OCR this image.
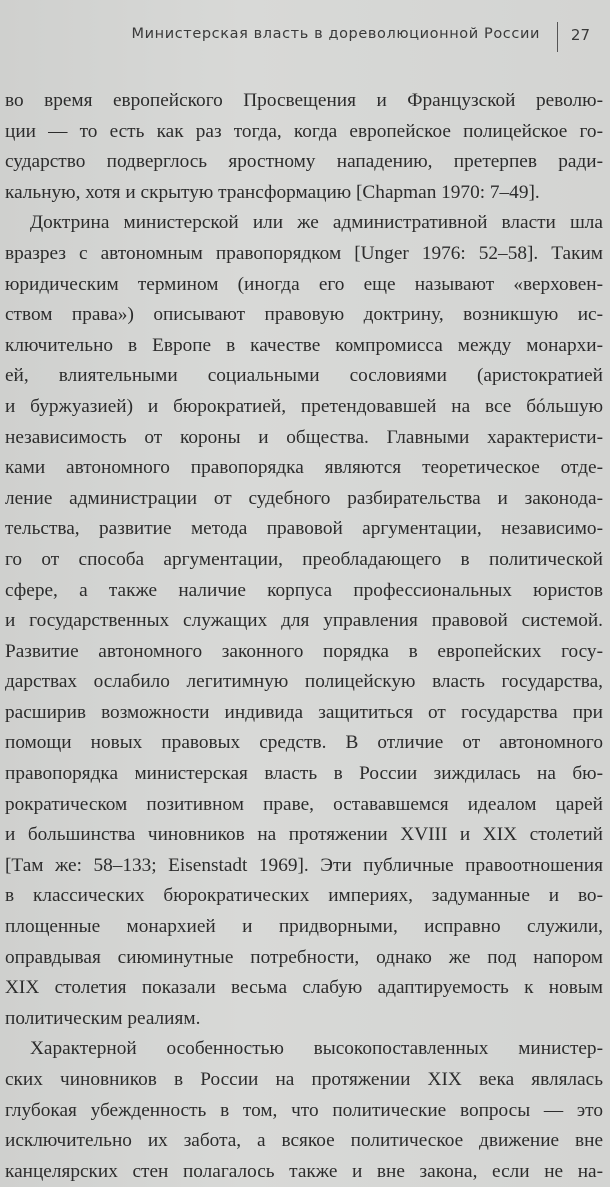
Министерская власть в дореволюционной России 27
во время европейского Просвещения и Французской револю-
ции — то есть как раз тогда, когда европейское полицейское го-
сударство подверглось яростному нападению, претерпев ради-
кальную, хотя и скрытую трансформацию [Chapman 1970: 7–49].
Доктрина министерской или же административной власти шла
вразрез с автономным правопорядком [Unger 1976: 52–58]. Таким
юридическим термином (иногда его еще называют «верховен-
ством права») описывают правовую доктрину, возникшую ис-
ключительно в Европе в качестве компромисса между монархи-
ей, влиятельными социальными сословиями (аристократией
и буржуазией) и бюрократией, претендовавшей на все бóльшую
независимость от короны и общества. Главными характеристи-
ками автономного правопорядка являются теоретическое отде-
ление администрации от судебного разбирательства и законода-
тельства, развитие метода правовой аргументации, независимо-
го от способа аргументации, преобладающего в политической
сфере, а также наличие корпуса профессиональных юристов
и государственных служащих для управления правовой системой.
Развитие автономного законного порядка в европейских госу-
дарствах ослабило легитимную полицейскую власть государства,
расширив возможности индивида защититься от государства при
помощи новых правовых средств. В отличие от автономного
правопорядка министерская власть в России зиждилась на бю-
рократическом позитивном праве, остававшемся идеалом царей
и большинства чиновников на протяжении XVIII и XIX столетий
[Там же: 58–133; Eisenstadt 1969]. Эти публичные правоотношения
в классических бюрократических империях, задуманные и во-
площенные монархией и придворными, исправно служили,
оправдывая сиюминутные потребности, однако же под напором
XIX столетия показали весьма слабую адаптируемость к новым
политическим реалиям.
Характерной особенностью высокопоставленных министер-
ских чиновников в России на протяжении XIX века являлась
глубокая убежденность в том, что политические вопросы — это
исключительно их забота, а всякое политическое движение вне
канцелярских стен полагалось также и вне закона, если не на-
